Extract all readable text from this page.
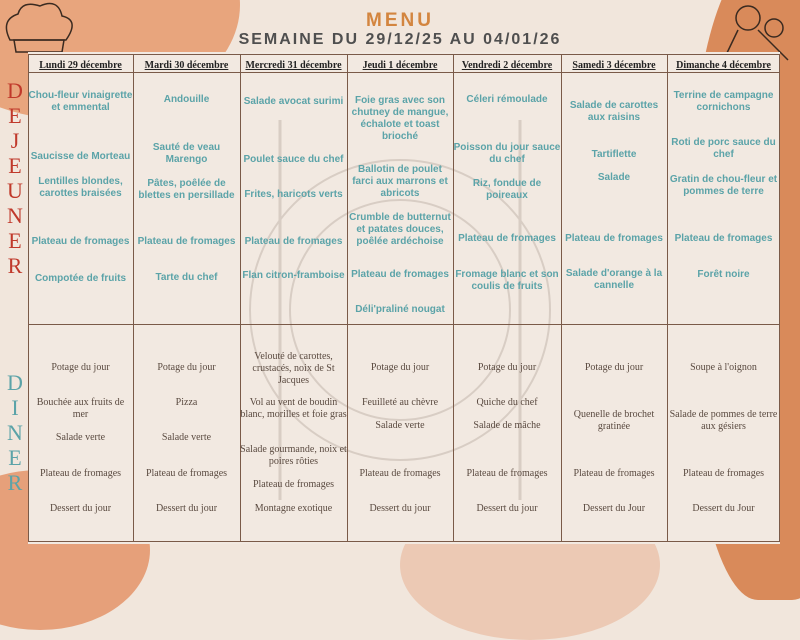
MENU
SEMAINE DU 29/12/25 AU 04/01/26
D
E
J
E
U
N
E
R
D
I
N
E
R
Lundi 29 décembre
Chou-fleur vinaigrette et emmental
Saucisse de Morteau
Lentilles blondes, carottes braisées
Plateau de fromages
Compotée de fruits
Potage du jour
Bouchée aux fruits de mer
Salade verte
Plateau de fromages
Dessert du jour
Mardi 30 décembre
Andouille
Sauté de veau Marengo
Pâtes, poêlée de blettes en persillade
Plateau de fromages
Tarte du chef
Potage du jour
Pizza
Salade verte
Plateau de fromages
Dessert du jour
Mercredi 31 décembre
Salade avocat surimi
Poulet sauce du chef
Frites, haricots verts
Plateau de fromages
Flan citron-framboise
Velouté de carottes, crustacés, noix de St Jacques
Vol au vent de boudin blanc, morilles et foie gras
Salade gourmande, noix et poires rôties
Plateau de fromages
Montagne exotique
Jeudi 1 décembre
Foie gras avec son chutney de mangue, échalote et toast brioché
Ballotin de poulet farci aux marrons et abricots
Crumble de butternut et patates douces, poêlée ardéchoise
Plateau de fromages
Déli'praliné nougat
Potage du jour
Feuilleté au chèvre
Salade verte
Plateau de fromages
Dessert du jour
Vendredi 2 décembre
Céleri rémoulade
Poisson du jour sauce du chef
Riz, fondue de poireaux
Plateau de fromages
Fromage blanc et son coulis de fruits
Potage du jour
Quiche du chef
Salade de mâche
Plateau de fromages
Dessert du jour
Samedi 3 décembre
Salade de carottes aux raisins
Tartiflette
Salade
Plateau de fromages
Salade d'orange à la cannelle
Potage du jour
Quenelle de brochet gratinée
Plateau de fromages
Dessert du Jour
Dimanche 4 décembre
Terrine de campagne cornichons
Roti de porc sauce du chef
Gratin de chou-fleur et pommes de terre
Plateau de fromages
Forêt noire
Soupe à l'oignon
Salade de pommes de terre aux gésiers
Plateau de fromages
Dessert du Jour
